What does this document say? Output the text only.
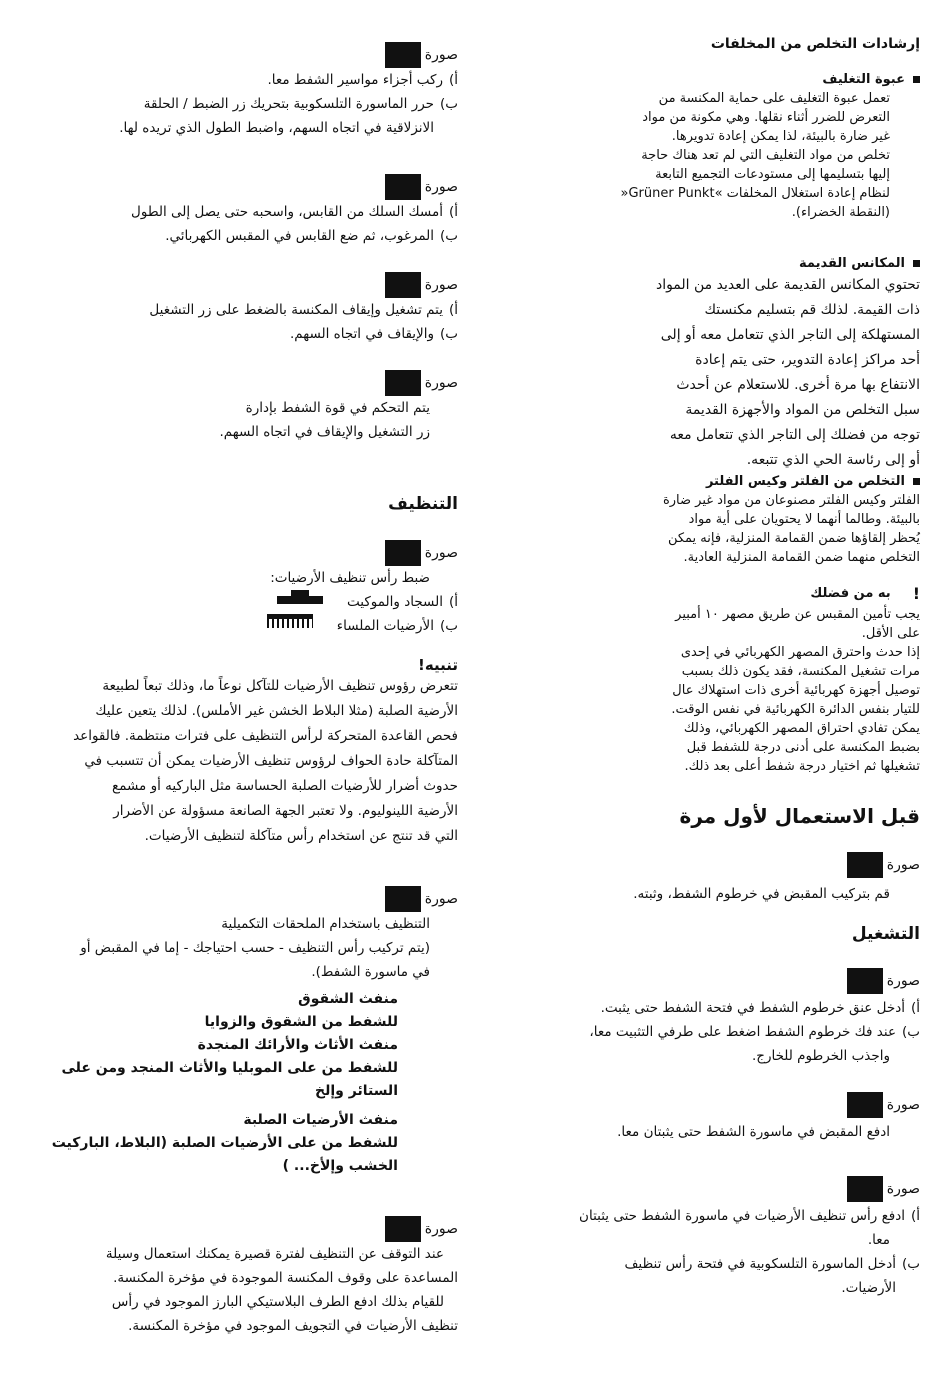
إرشادات التخلص من المخلفات
عبوة التغليف

تعمل عبوة التغليف على حماية المكنسة من

التعرض للضرر أثناء نقلها. وهي مكونة من مواد

غير ضارة بالبيئة، لذا يمكن إعادة تدويرها.

تخلص من مواد التغليف التي لم تعد هناك حاجة

إليها بتسليمها إلى مستودعات التجميع التابعة

لنظام إعادة استغلال المخلفات »Grüner Punkt«

(النقطة الخضراء).

المكانس القديمة

تحتوي المكانس القديمة على العديد من المواد

ذات القيمة. لذلك قم بتسليم مكنستك

المستهلكة إلى التاجر الذي تتعامل معه أو إلى

أحد مراكز إعادة التدوير، حتى يتم إعادة

الانتفاع بها مرة أخرى. للاستعلام عن أحدث

سبل التخلص من المواد والأجهزة القديمة

توجه من فضلك إلى التاجر الذي تتعامل معه

أو إلى رئاسة الحي الذي تتبعه.

التخلص من الفلتر وكيس الفلتر

الفلتر وكيس الفلتر مصنوعان من مواد غير ضارة

بالبيئة. وطالما أنهما لا يحتويان على أية مواد

يُحظر إلقاؤها ضمن القمامة المنزلية، فإنه يمكن

التخلص منهما ضمن القمامة المنزلية العادية.

!
به من فضلك

يجب تأمين المقبس عن طريق مصهر ١٠ أمبير

على الأقل.

إذا حدث واحترق المصهر الكهربائي في إحدى

مرات تشغيل المكنسة، فقد يكون ذلك بسبب

توصيل أجهزة كهربائية أخرى ذات استهلاك عال

للتيار بنفس الدائرة الكهربائية في نفس الوقت.

يمكن تفادي احتراق المصهر الكهربائي، وذلك

بضبط المكنسة على أدنى درجة للشفط قبل

تشغيلها ثم اختيار درجة شفط أعلى بعد ذلك.

قبل الاستعمال لأول مرة
صورة

قم بتركيب المقبض في خرطوم الشفط، وثبته.

التشغيل
صورة
أ)
أدخل عنق خرطوم الشفط في فتحة الشفط حتى يثبت.
ب)
عند فك خرطوم الشفط اضغط على طرفي التثبيت معا،
واجذب الخرطوم للخارج.
صورة

ادفع المقبض في ماسورة الشفط حتى يثبتان معا.

صورة
أ)
ادفع رأس تنظيف الأرضيات في ماسورة الشفط حتى يثبتان
معا.
ب)
أدخل الماسورة التلسكوبية في فتحة رأس تنظيف الأرضيات.
صورة
أ)
ركب أجزاء مواسير الشفط معا.
ب)
حرر الماسورة التلسكوبية بتحريك زر الضبط / الحلقة
الانزلاقية في اتجاه السهم، واضبط الطول الذي تريده لها.
صورة
أ)
أمسك السلك من القابس، واسحبه حتى يصل إلى الطول
ب)
المرغوب، ثم ضع القابس في المقبس الكهربائي.
صورة
أ)
يتم تشغيل وإيقاف المكنسة بالضغط على زر التشغيل
ب)
والإيقاف في اتجاه السهم.
صورة

يتم التحكم في قوة الشفط بإدارة

زر التشغيل والإيقاف في اتجاه السهم.

التنظيف
صورة

ضبط رأس تنظيف الأرضيات:

أ)
السجاد والموكيت
ب)
الأرضيات الملساء
تنبيه!

تتعرض رؤوس تنظيف الأرضيات للتآكل نوعاً ما، وذلك تبعاً لطبيعة

الأرضية الصلبة (مثلا البلاط الخشن غير الأملس). لذلك يتعين عليك

فحص القاعدة المتحركة لرأس التنظيف على فترات منتظمة. فالقواعد

المتآكلة حادة الحواف لرؤوس تنظيف الأرضيات يمكن أن تتسبب في

حدوث أضرار للأرضيات الصلبة الحساسة مثل الباركيه أو مشمع

الأرضية اللينوليوم. ولا تعتبر الجهة الصانعة مسؤولة عن الأضرار

التي قد تنتج عن استخدام رأس متآكلة لتنظيف الأرضيات.

صورة

التنظيف باستخدام الملحقات التكميلية

(يتم تركيب رأس التنظيف - حسب احتياجك - إما في المقبض أو

في ماسورة الشفط).

منفث الشقوق

للشفط من الشقوق والزوايا

منفث الأثاث والأرائك المنجدة

للشفط من على الموبليا والأثاث المنجد ومن على

الستائر وإلخ

منفث الأرضيات الصلبة

للشفط من على الأرضيات الصلبة (البلاط، الباركيت

الخشب وإلأخ... )

صورة

عند التوقف عن التنظيف لفترة قصيرة يمكنك استعمال وسيلة

المساعدة على وقوف المكنسة الموجودة في مؤخرة المكنسة.

للقيام بذلك ادفع الطرف البلاستيكي البارز الموجود في رأس

تنظيف الأرضيات في التجويف الموجود في مؤخرة المكنسة.
